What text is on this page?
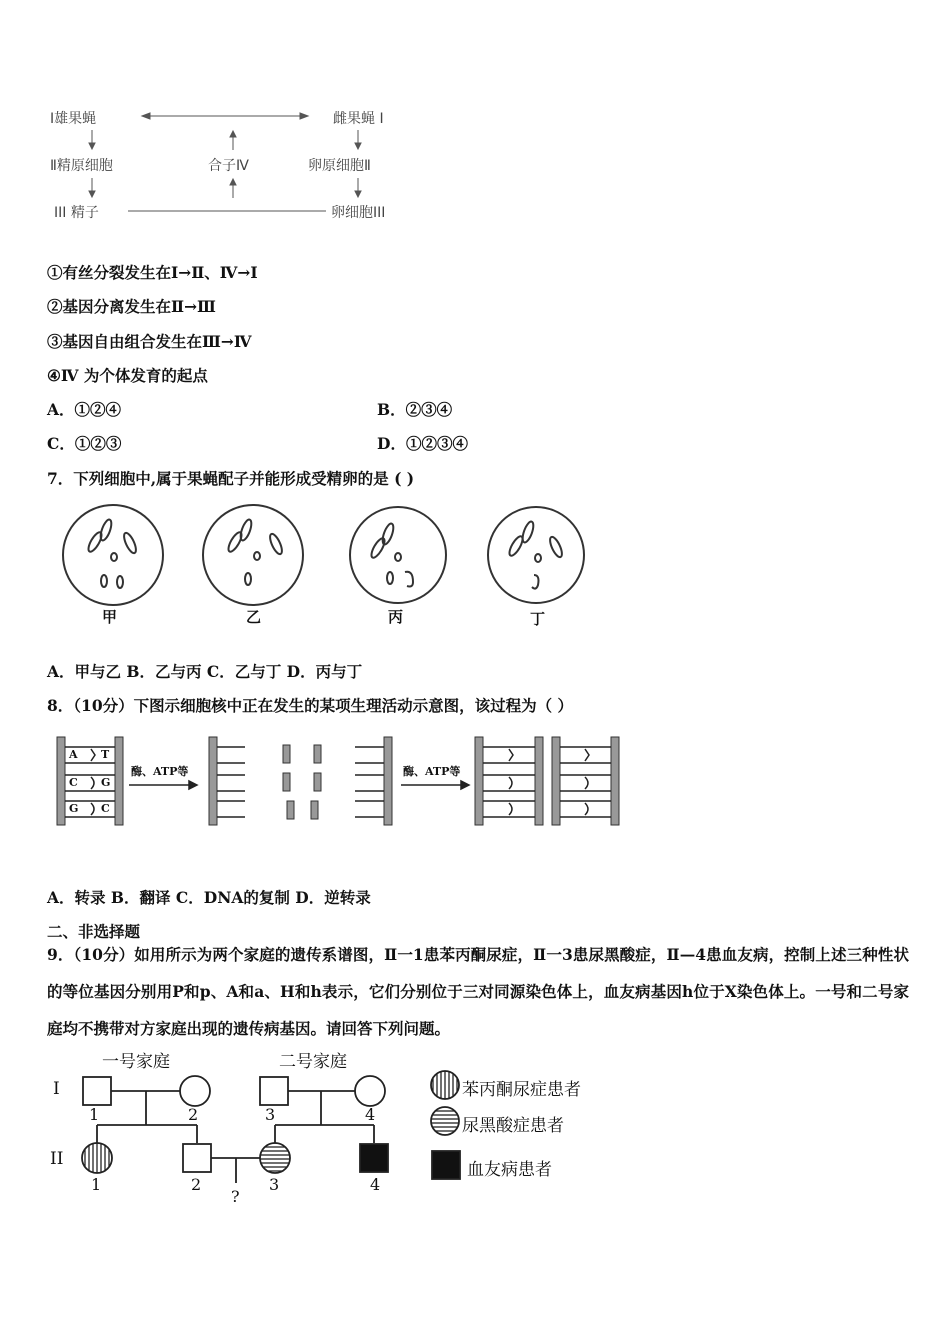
Ⅰ雄果蝇	雌果蝇 Ⅰ
Ⅱ精原细胞	合子Ⅳ	卵原细胞Ⅱ
III 精子	卵细胞III
①有丝分裂发生在Ⅰ→Ⅱ、Ⅳ→Ⅰ
②基因分离发生在Ⅱ→Ⅲ
③基因自由组合发生在Ⅲ→Ⅳ
④Ⅳ 为个体发育的起点
A．①②④	B．②③④
C．①②③	D．①②③④
7．下列细胞中,属于果蝇配子并能形成受精卵的是 ( )
甲	乙	丙	丁
A．甲与乙 B．乙与丙 C．乙与丁 D．丙与丁
8．（10分）下图示细胞核中正在发生的某项生理活动示意图，该过程为（ ）
酶、ATP等	酶、ATP等
A T
C G
G C
A．转录 B．翻译 C．DNA的复制 D．逆转录
二、非选择题
9．（10分）如用所示为两个家庭的遗传系谱图，Ⅱ一1患苯丙酮尿症，Ⅱ一3患尿黑酸症，Ⅱ—4患血友病，控制上述三种性状的等位基因分别用P和p、A和a、H和h表示，它们分别位于三对同源染色体上，血友病基因h位于X染色体上。一号和二号家庭均不携带对方家庭出现的遗传病基因。请回答下列问题。
一号家庭	二号家庭
I
II
1	2	3	4
1	2	3	4
?
苯丙酮尿症患者
尿黑酸症患者
血友病患者
